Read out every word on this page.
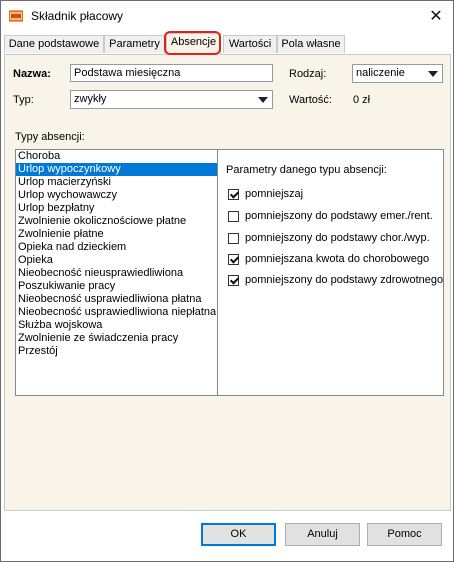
Składnik płacowy	✕
Dane podstawowe Parametry Absencje	Wartości Pola własne
Nazwa:	Podstawa miesięczna	Rodzaj:	naliczenie
Typ:	zwykły	Wartość: 0 zł
Typy absencji:
Choroba
Urlop wypoczynkowy
Urlop macierzyński
Urlop wychowawczy
Urlop bezpłatny
Zwolnienie okolicznościowe płatne
Zwolnienie płatne
Opieka nad dzieckiem
Opieka
Nieobecność nieusprawiedliwiona
Poszukiwanie pracy
Nieobecność usprawiedliwiona płatna
Nieobecność usprawiedliwiona niepłatna
Służba wojskowa
Zwolnienie ze świadczenia pracy
Przestój
Parametry danego typu absencji:
pomniejszaj
pomniejszony do podstawy emer./rent.
pomniejszony do podstawy chor./wyp.
pomniejszana kwota do chorobowego
pomniejszony do podstawy zdrowotnego
OK	Anuluj	Pomoc
